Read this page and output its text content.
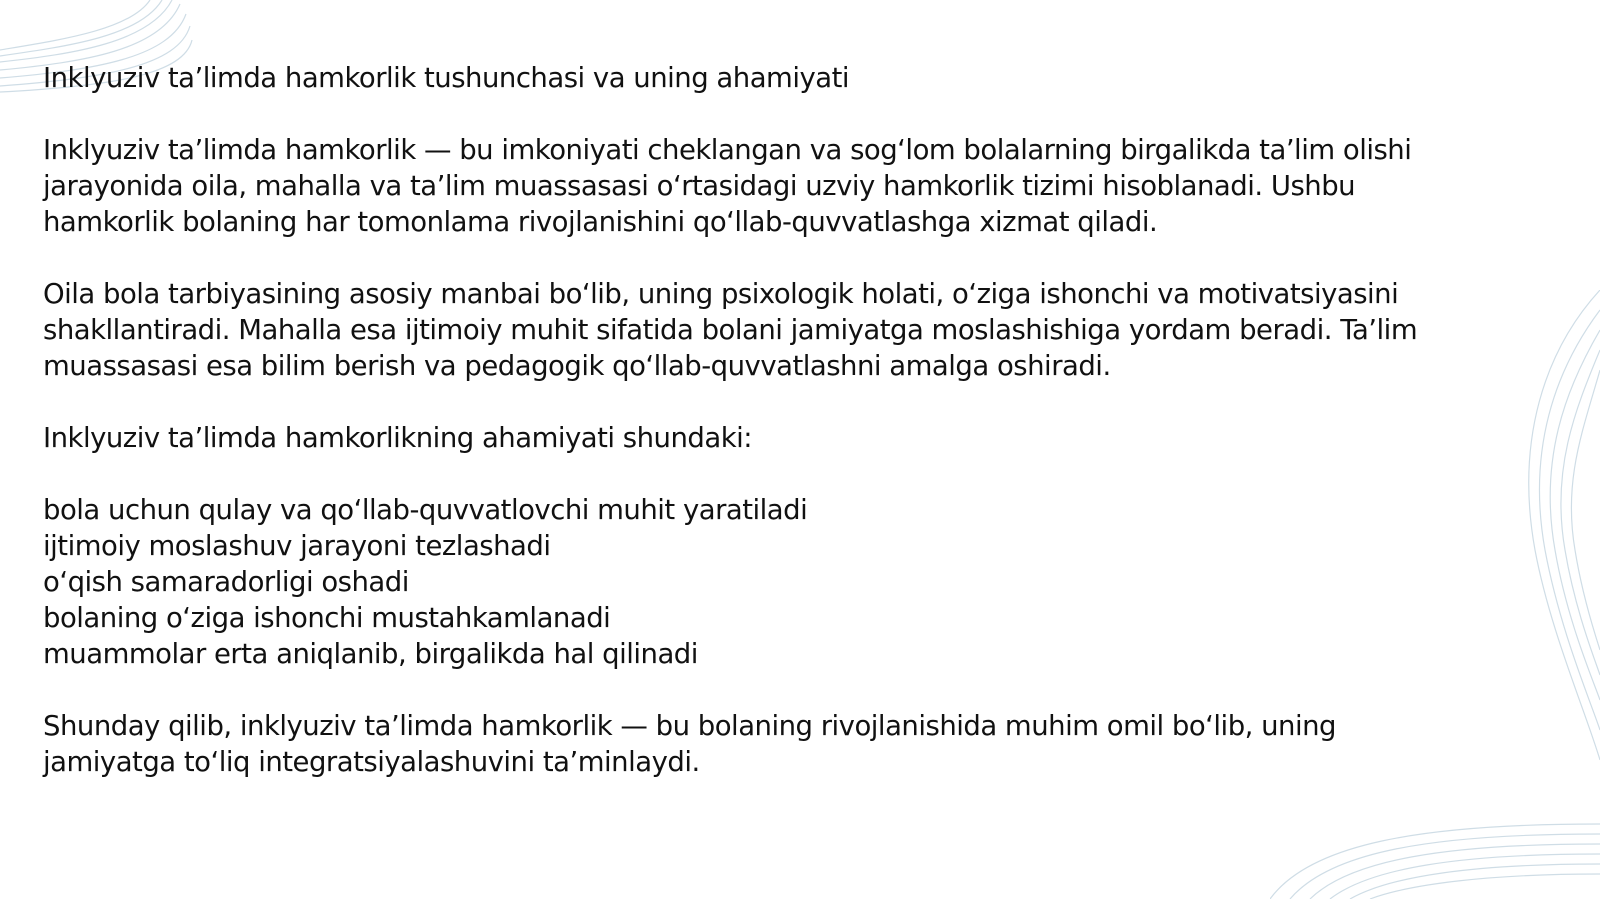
Inklyuziv ta’limda hamkorlik tushunchasi va uning ahamiyati

Inklyuziv ta’limda hamkorlik — bu imkoniyati cheklangan va sog‘lom bolalarning birgalikda ta’lim olishi
jarayonida oila, mahalla va ta’lim muassasasi o‘rtasidagi uzviy hamkorlik tizimi hisoblanadi. Ushbu
hamkorlik bolaning har tomonlama rivojlanishini qo‘llab-quvvatlashga xizmat qiladi.

Oila bola tarbiyasining asosiy manbai bo‘lib, uning psixologik holati, o‘ziga ishonchi va motivatsiyasini
shakllantiradi. Mahalla esa ijtimoiy muhit sifatida bolani jamiyatga moslashishiga yordam beradi. Ta’lim
muassasasi esa bilim berish va pedagogik qo‘llab-quvvatlashni amalga oshiradi.

Inklyuziv ta’limda hamkorlikning ahamiyati shundaki:

bola uchun qulay va qo‘llab-quvvatlovchi muhit yaratiladi
ijtimoiy moslashuv jarayoni tezlashadi
o‘qish samaradorligi oshadi
bolaning o‘ziga ishonchi mustahkamlanadi
muammolar erta aniqlanib, birgalikda hal qilinadi

Shunday qilib, inklyuziv ta’limda hamkorlik — bu bolaning rivojlanishida muhim omil bo‘lib, uning
jamiyatga to‘liq integratsiyalashuvini ta’minlaydi.
